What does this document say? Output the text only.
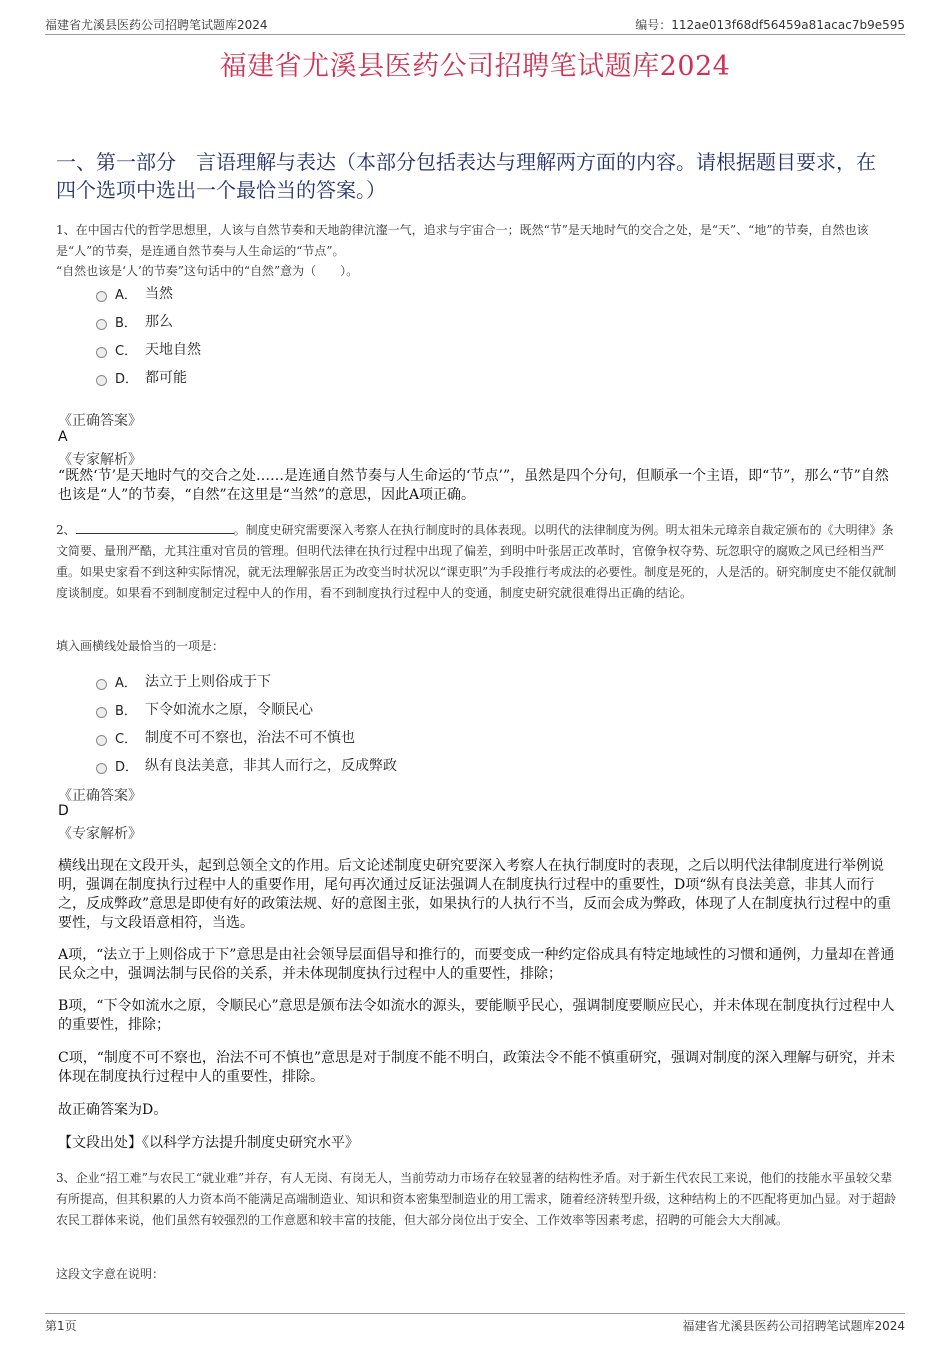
福建省尤溪县医药公司招聘笔试题库2024	编号：112ae013f68df56459a81acac7b9e595
福建省尤溪县医药公司招聘笔试题库2024
一、第一部分　言语理解与表达（本部分包括表达与理解两方面的内容。请根据题目要求，在四个选项中选出一个最恰当的答案。）
1、在中国古代的哲学思想里，人该与自然节奏和天地韵律沆瀣一气，追求与宇宙合一；既然“节”是天地时气的交合之处，是“天”、“地”的节奏，自然也该是“人”的节奏，是连通自然节奏与人生命运的“节点”。
“自然也该是‘人’的节奏”这句话中的“自然”意为（　　）。
A． 当然
B． 那么
C． 天地自然
D． 都可能
《正确答案》
A
《专家解析》
“既然‘节’是天地时气的交合之处……是连通自然节奏与人生命运的‘节点’”，虽然是四个分句，但顺承一个主语，即“节”，那么“节”自然也该是“人”的节奏，“自然”在这里是“当然”的意思，因此A项正确。
2、	。制度史研究需要深入考察人在执行制度时的具体表现。以明代的法律制度为例。明太祖朱元璋亲自裁定颁布的《大明律》条文简要、量刑严酷，尤其注重对官员的管理。但明代法律在执行过程中出现了偏差，到明中叶张居正改革时，官僚争权夺势、玩忽职守的腐败之风已经相当严重。如果史家看不到这种实际情况，就无法理解张居正为改变当时状况以“课吏职”为手段推行考成法的必要性。制度是死的，人是活的。研究制度史不能仅就制度谈制度。如果看不到制度制定过程中人的作用，看不到制度执行过程中人的变通，制度史研究就很难得出正确的结论。
填入画横线处最恰当的一项是：
A． 法立于上则俗成于下
B． 下令如流水之原，令顺民心
C． 制度不可不察也，治法不可不慎也
D． 纵有良法美意，非其人而行之，反成弊政
《正确答案》
D
《专家解析》
横线出现在文段开头，起到总领全文的作用。后文论述制度史研究要深入考察人在执行制度时的表现，之后以明代法律制度进行举例说明，强调在制度执行过程中人的重要作用，尾句再次通过反证法强调人在制度执行过程中的重要性，D项“纵有良法美意，非其人而行之，反成弊政”意思是即使有好的政策法规、好的意图主张，如果执行的人执行不当，反而会成为弊政，体现了人在制度执行过程中的重要性，与文段语意相符，当选。
A项，“法立于上则俗成于下”意思是由社会领导层面倡导和推行的，而要变成一种约定俗成具有特定地域性的习惯和通例，力量却在普通民众之中，强调法制与民俗的关系，并未体现制度执行过程中人的重要性，排除；
B项，“下令如流水之原，令顺民心”意思是颁布法令如流水的源头，要能顺乎民心，强调制度要顺应民心，并未体现在制度执行过程中人的重要性，排除；
C项，“制度不可不察也，治法不可不慎也”意思是对于制度不能不明白，政策法令不能不慎重研究，强调对制度的深入理解与研究，并未体现在制度执行过程中人的重要性，排除。
故正确答案为D。
【文段出处】《以科学方法提升制度史研究水平》
3、企业“招工难”与农民工“就业难”并存，有人无岗、有岗无人，当前劳动力市场存在较显著的结构性矛盾。对于新生代农民工来说，他们的技能水平虽较父辈有所提高，但其积累的人力资本尚不能满足高端制造业、知识和资本密集型制造业的用工需求，随着经济转型升级，这种结构上的不匹配将更加凸显。对于超龄农民工群体来说，他们虽然有较强烈的工作意愿和较丰富的技能，但大部分岗位出于安全、工作效率等因素考虑，招聘的可能会大大削减。
这段文字意在说明：
第1页	福建省尤溪县医药公司招聘笔试题库2024
